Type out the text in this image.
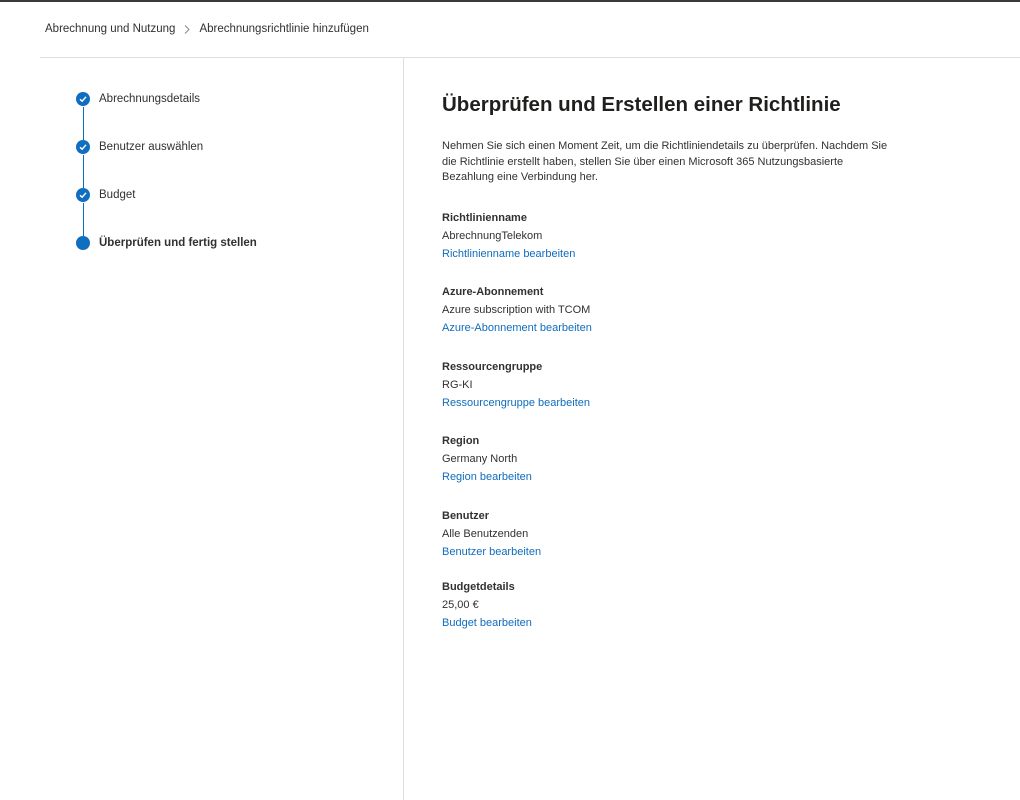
Abrechnung und Nutzung Abrechnungsrichtlinie hinzufügen
Abrechnungsdetails
Benutzer auswählen
Budget
Überprüfen und fertig stellen
Überprüfen und Erstellen einer Richtlinie
Nehmen Sie sich einen Moment Zeit, um die Richtliniendetails zu überprüfen. Nachdem Sie die Richtlinie erstellt haben, stellen Sie über einen Microsoft 365 Nutzungsbasierte Bezahlung eine Verbindung her.
Richtlinienname
AbrechnungTelekom
Richtlinienname bearbeiten
Azure-Abonnement
Azure subscription with TCOM
Azure-Abonnement bearbeiten
Ressourcengruppe
RG-KI
Ressourcengruppe bearbeiten
Region
Germany North
Region bearbeiten
Benutzer
Alle Benutzenden
Benutzer bearbeiten
Budgetdetails
25,00 €
Budget bearbeiten
